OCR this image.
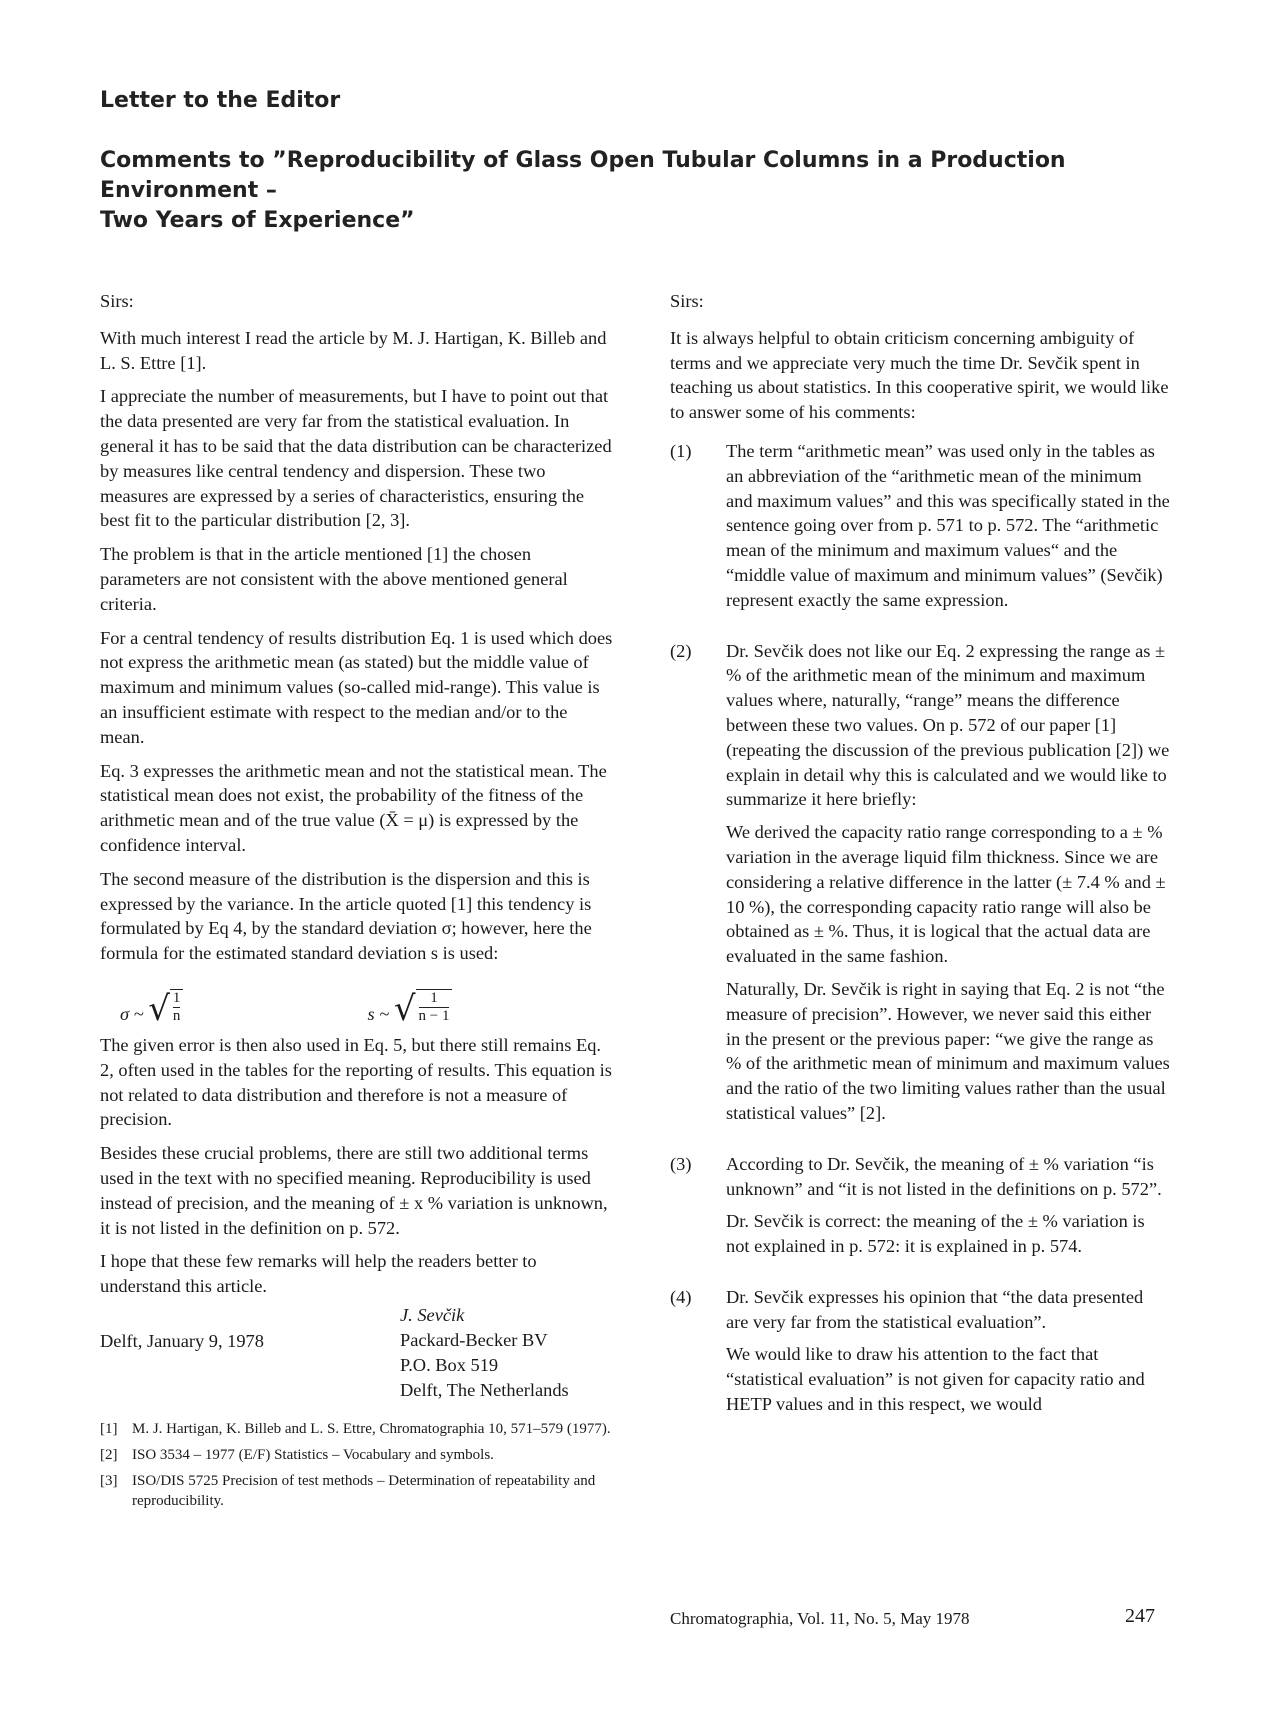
Letter to the Editor
Comments to ”Reproducibility of Glass Open Tubular Columns in a Production Environment –
Two Years of Experience”

Sirs:

With much interest I read the article by M. J. Hartigan, K. Billeb and L. S. Ettre [1].

I appreciate the number of measurements, but I have to point out that the data presented are very far from the statistical evaluation. In general it has to be said that the data distribution can be characterized by measures like central tendency and dispersion. These two measures are expressed by a series of characteristics, ensuring the best fit to the particular distribution [2, 3].

The problem is that in the article mentioned [1] the chosen parameters are not consistent with the above mentioned general criteria.

For a central tendency of results distribution Eq. 1 is used which does not express the arithmetic mean (as stated) but the middle value of maximum and minimum values (so-called mid-range). This value is an insufficient estimate with respect to the median and/or to the mean.

Eq. 3 expresses the arithmetic mean and not the statistical mean. The statistical mean does not exist, the probability of the fitness of the arithmetic mean and of the true value (X̄ = μ) is expressed by the confidence interval.

The second measure of the distribution is the dispersion and this is expressed by the variance. In the article quoted [1] this tendency is formulated by Eq 4, by the standard deviation σ; however, here the formula for the estimated standard deviation s is used:

σ ~ √ $\frac{1}{n}$	s ~ √ $\frac{1}{n - 1}$

The given error is then also used in Eq. 5, but there still remains Eq. 2, often used in the tables for the reporting of results. This equation is not related to data distribution and therefore is not a measure of precision.

Besides these crucial problems, there are still two additional terms used in the text with no specified meaning. Reproducibility is used instead of precision, and the meaning of ± x % variation is unknown, it is not listed in the definition on p. 572.

I hope that these few remarks will help the readers better to understand this article.

Delft, January 9, 1978
J. Sevčik
Packard-Becker BV
P.O. Box 519
Delft, The Netherlands
[1] M. J. Hartigan, K. Billeb and L. S. Ettre, Chromatographia 10, 571–579 (1977).
[2] ISO 3534 – 1977 (E/F) Statistics – Vocabulary and symbols.
[3] ISO/DIS 5725 Precision of test methods – Determination of repeatability and reproducibility.

Sirs:

It is always helpful to obtain criticism concerning ambiguity of terms and we appreciate very much the time Dr. Sevčik spent in teaching us about statistics. In this cooperative spirit, we would like to answer some of his comments:

(1)	The term “arithmetic mean” was used only in the tables as an abbreviation of the “arithmetic mean of the minimum and maximum values” and this was specifically stated in the sentence going over from p. 571 to p. 572. The “arithmetic mean of the minimum and maximum values“ and the “middle value of maximum and minimum values” (Sevčik) represent exactly the same expression.

(2)	Dr. Sevčik does not like our Eq. 2 expressing the range as ± % of the arithmetic mean of the minimum and maximum values where, naturally, “range” means the difference between these two values. On p. 572 of our paper [1] (repeating the discussion of the previous publication [2]) we explain in detail why this is calculated and we would like to summarize it here briefly:

We derived the capacity ratio range corresponding to a ± % variation in the average liquid film thickness. Since we are considering a relative difference in the latter (± 7.4 % and ± 10 %), the corresponding capacity ratio range will also be obtained as ± %. Thus, it is logical that the actual data are evaluated in the same fashion.

Naturally, Dr. Sevčik is right in saying that Eq. 2 is not “the measure of precision”. However, we never said this either in the present or the previous paper: “we give the range as % of the arithmetic mean of minimum and maximum values and the ratio of the two limiting values rather than the usual statistical values” [2].

(3)	According to Dr. Sevčik, the meaning of ± % variation “is unknown” and “it is not listed in the definitions on p. 572”.

Dr. Sevčik is correct: the meaning of the ± % variation is not explained in p. 572: it is explained in p. 574.

(4)	Dr. Sevčik expresses his opinion that “the data presented are very far from the statistical evaluation”.

We would like to draw his attention to the fact that “statistical evaluation” is not given for capacity ratio and HETP values and in this respect, we would

Chromatographia, Vol. 11, No. 5, May 1978	247
